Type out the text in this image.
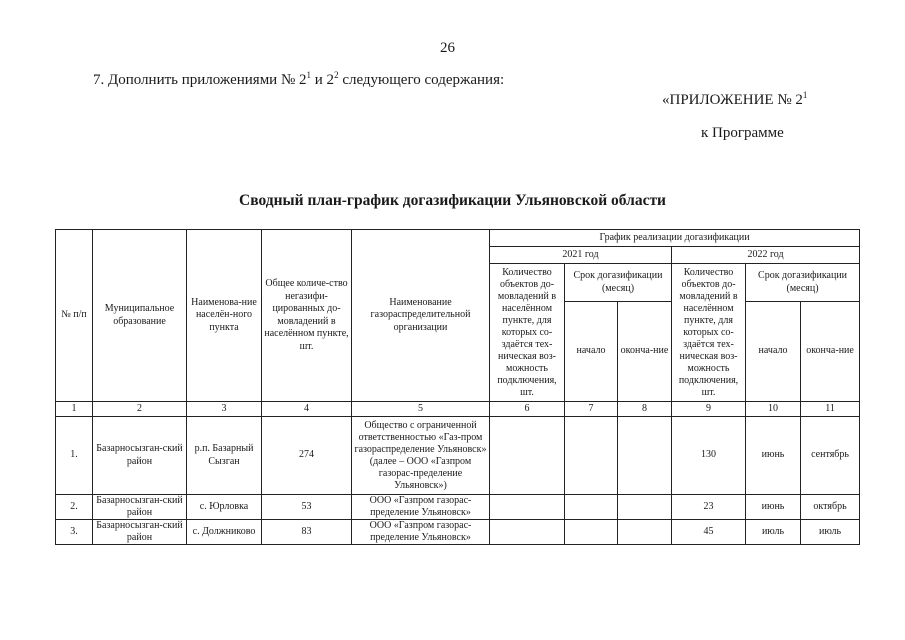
26
7. Дополнить приложениями № $2^1$ и $2^2$ следующего содержания:
«ПРИЛОЖЕНИЕ № $2^1$
к Программе
Сводный план-график догазификации Ульяновской области
№ п/п	Муниципальное образование	Наименова-ние населён-ного пункта	Общее количе-ство негазифи-цированных до-мовладений в населённом пункте, шт.	Наименование газораспределительной организации	График реализации догазификации					
					2021 год			2022 год		
					Количество объектов до-мовладений в населённом пункте, для которых со-здаётся тех-ническая воз-можность подключения, шт.	Срок догазификации (месяц)		Количество объектов до-мовладений в населённом пункте, для которых со-здаётся тех-ническая воз-можность подключения, шт.	Срок догазификации (месяц)	
						начало	оконча-ние		начало	оконча-ние
1	2	3	4	5	6	7	8	9	10	11
1.	Базарносызган-ский район	р.п. Базарный Сызган	274	Общество с ограниченной ответственностью «Газ-пром газораспределение Ульяновск» (далее – ООО «Газпром газорас-пределение Ульяновск»)				130	июнь	сентябрь
2.	Базарносызган-ский район	с. Юрловка	53	ООО «Газпром газорас-пределение Ульяновск»				23	июнь	октябрь
3.	Базарносызган-ский район	с. Должниково	83	ООО «Газпром газорас-пределение Ульяновск»				45	июль	июль
